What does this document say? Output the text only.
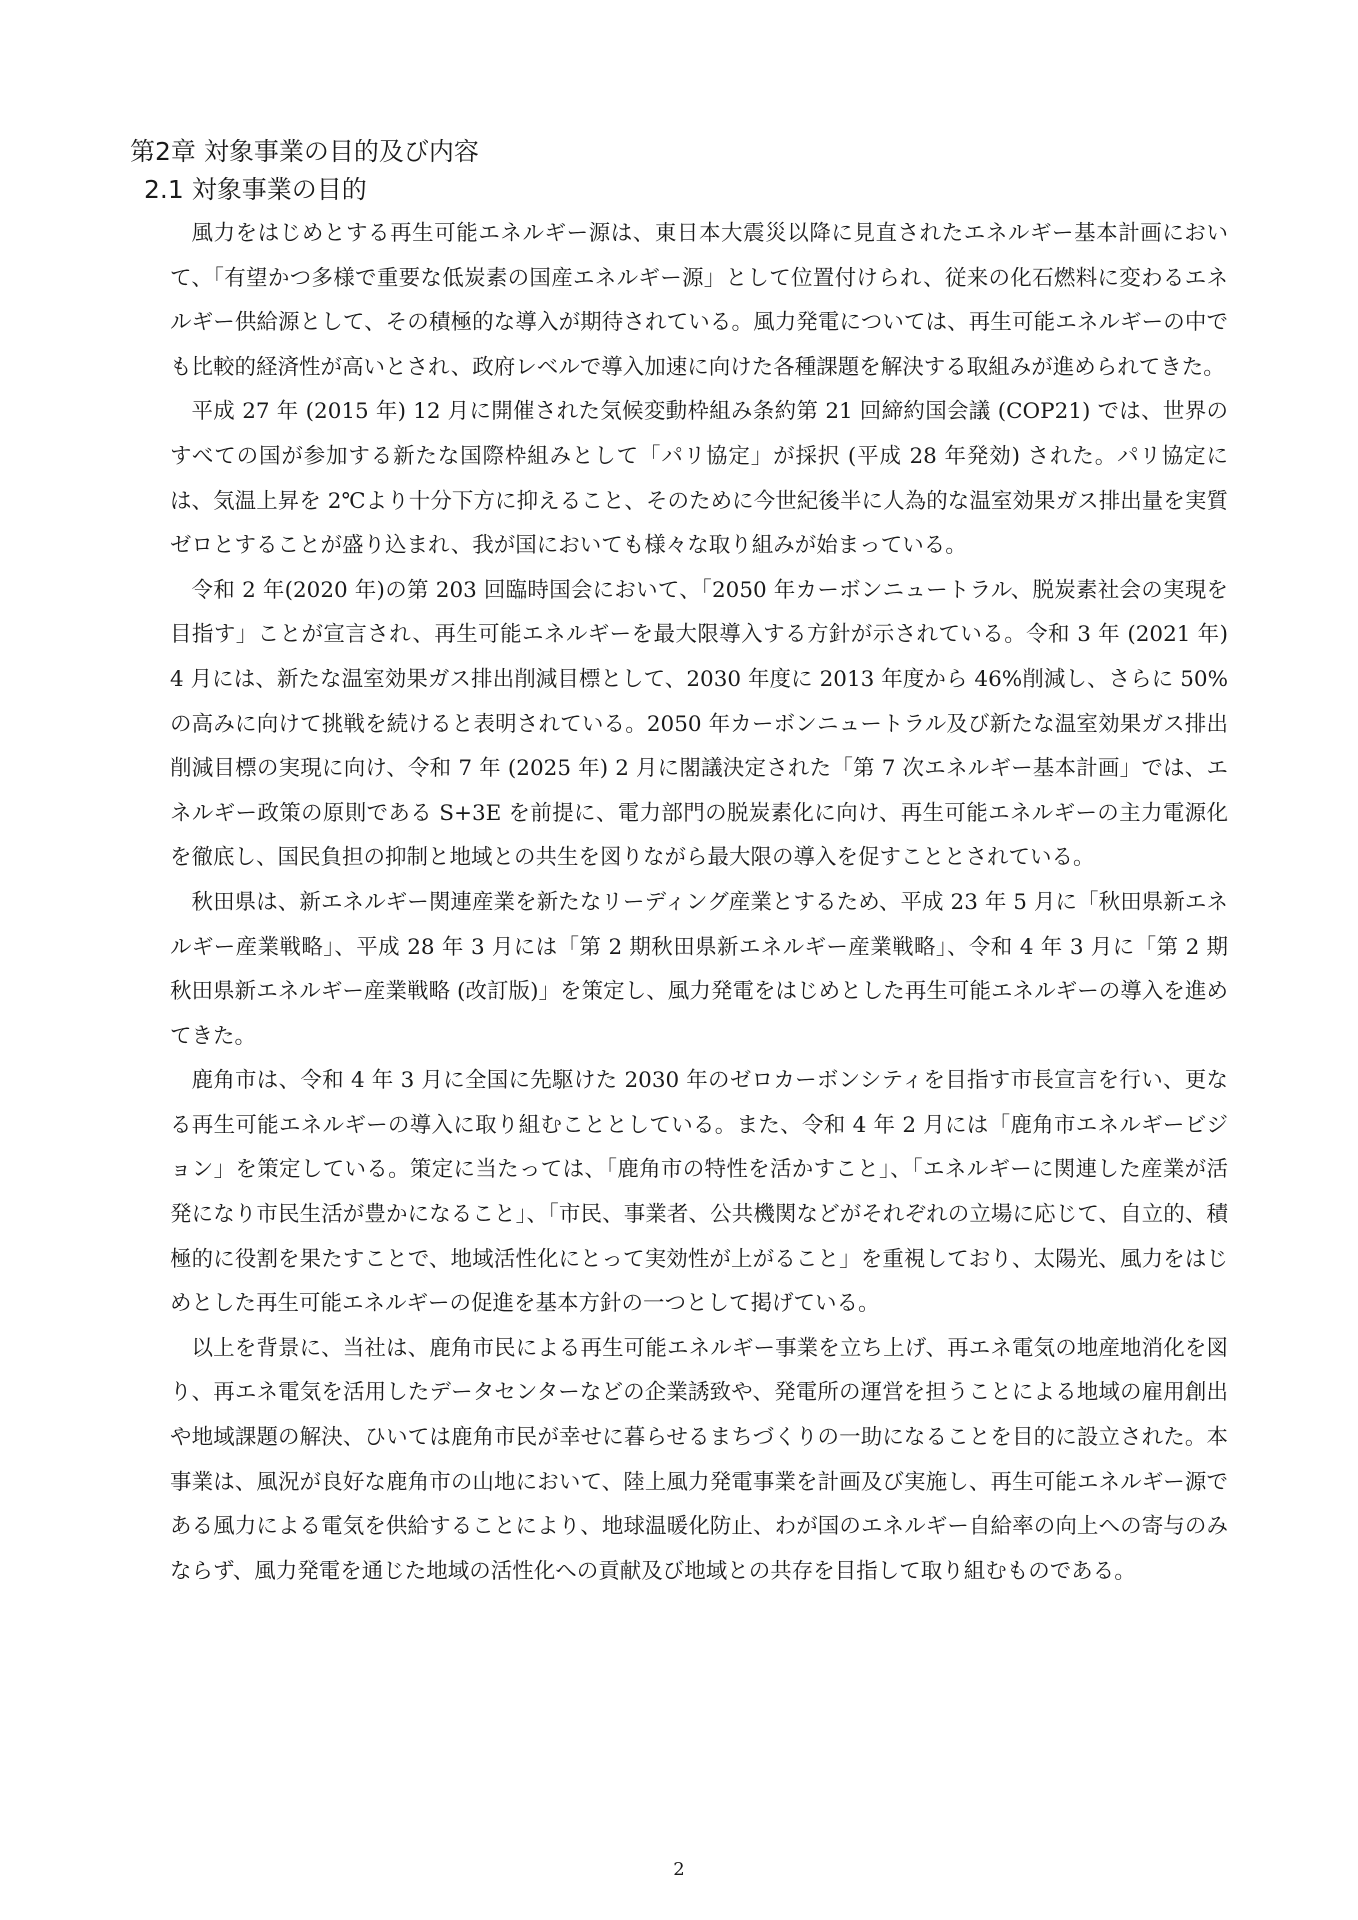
第2章 対象事業の目的及び内容
2.1 対象事業の目的

風力をはじめとする再生可能エネルギー源は、東日本大震災以降に見直されたエネルギー基本計画において、「有望かつ多様で重要な低炭素の国産エネルギー源」として位置付けられ、従来の化石燃料に変わるエネルギー供給源として、その積極的な導入が期待されている。風力発電については、再生可能エネルギーの中でも比較的経済性が高いとされ、政府レベルで導入加速に向けた各種課題を解決する取組みが進められてきた。

平成 27 年 (2015 年) 12 月に開催された気候変動枠組み条約第 21 回締約国会議 (COP21) では、世界のすべての国が参加する新たな国際枠組みとして「パリ協定」が採択 (平成 28 年発効) された。パリ協定には、気温上昇を 2℃より十分下方に抑えること、そのために今世紀後半に人為的な温室効果ガス排出量を実質ゼロとすることが盛り込まれ、我が国においても様々な取り組みが始まっている。

令和 2 年(2020 年)の第 203 回臨時国会において、「2050 年カーボンニュートラル、脱炭素社会の実現を目指す」ことが宣言され、再生可能エネルギーを最大限導入する方針が示されている。令和 3 年 (2021 年) 4 月には、新たな温室効果ガス排出削減目標として、2030 年度に 2013 年度から 46%削減し、さらに 50%の高みに向けて挑戦を続けると表明されている。2050 年カーボンニュートラル及び新たな温室効果ガス排出削減目標の実現に向け、令和 7 年 (2025 年) 2 月に閣議決定された「第 7 次エネルギー基本計画」では、エネルギー政策の原則である S+3E を前提に、電力部門の脱炭素化に向け、再生可能エネルギーの主力電源化を徹底し、国民負担の抑制と地域との共生を図りながら最大限の導入を促すこととされている。

秋田県は、新エネルギー関連産業を新たなリーディング産業とするため、平成 23 年 5 月に「秋田県新エネルギー産業戦略」、平成 28 年 3 月には「第 2 期秋田県新エネルギー産業戦略」、令和 4 年 3 月に「第 2 期秋田県新エネルギー産業戦略 (改訂版)」を策定し、風力発電をはじめとした再生可能エネルギーの導入を進めてきた。

鹿角市は、令和 4 年 3 月に全国に先駆けた 2030 年のゼロカーボンシティを目指す市長宣言を行い、更なる再生可能エネルギーの導入に取り組むこととしている。また、令和 4 年 2 月には「鹿角市エネルギービジョン」を策定している。策定に当たっては、「鹿角市の特性を活かすこと」、「エネルギーに関連した産業が活発になり市民生活が豊かになること」、「市民、事業者、公共機関などがそれぞれの立場に応じて、自立的、積極的に役割を果たすことで、地域活性化にとって実効性が上がること」を重視しており、太陽光、風力をはじめとした再生可能エネルギーの促進を基本方針の一つとして掲げている。

以上を背景に、当社は、鹿角市民による再生可能エネルギー事業を立ち上げ、再エネ電気の地産地消化を図り、再エネ電気を活用したデータセンターなどの企業誘致や、発電所の運営を担うことによる地域の雇用創出や地域課題の解決、ひいては鹿角市民が幸せに暮らせるまちづくりの一助になることを目的に設立された。本事業は、風況が良好な鹿角市の山地において、陸上風力発電事業を計画及び実施し、再生可能エネルギー源である風力による電気を供給することにより、地球温暖化防止、わが国のエネルギー自給率の向上への寄与のみならず、風力発電を通じた地域の活性化への貢献及び地域との共存を目指して取り組むものである。

2
